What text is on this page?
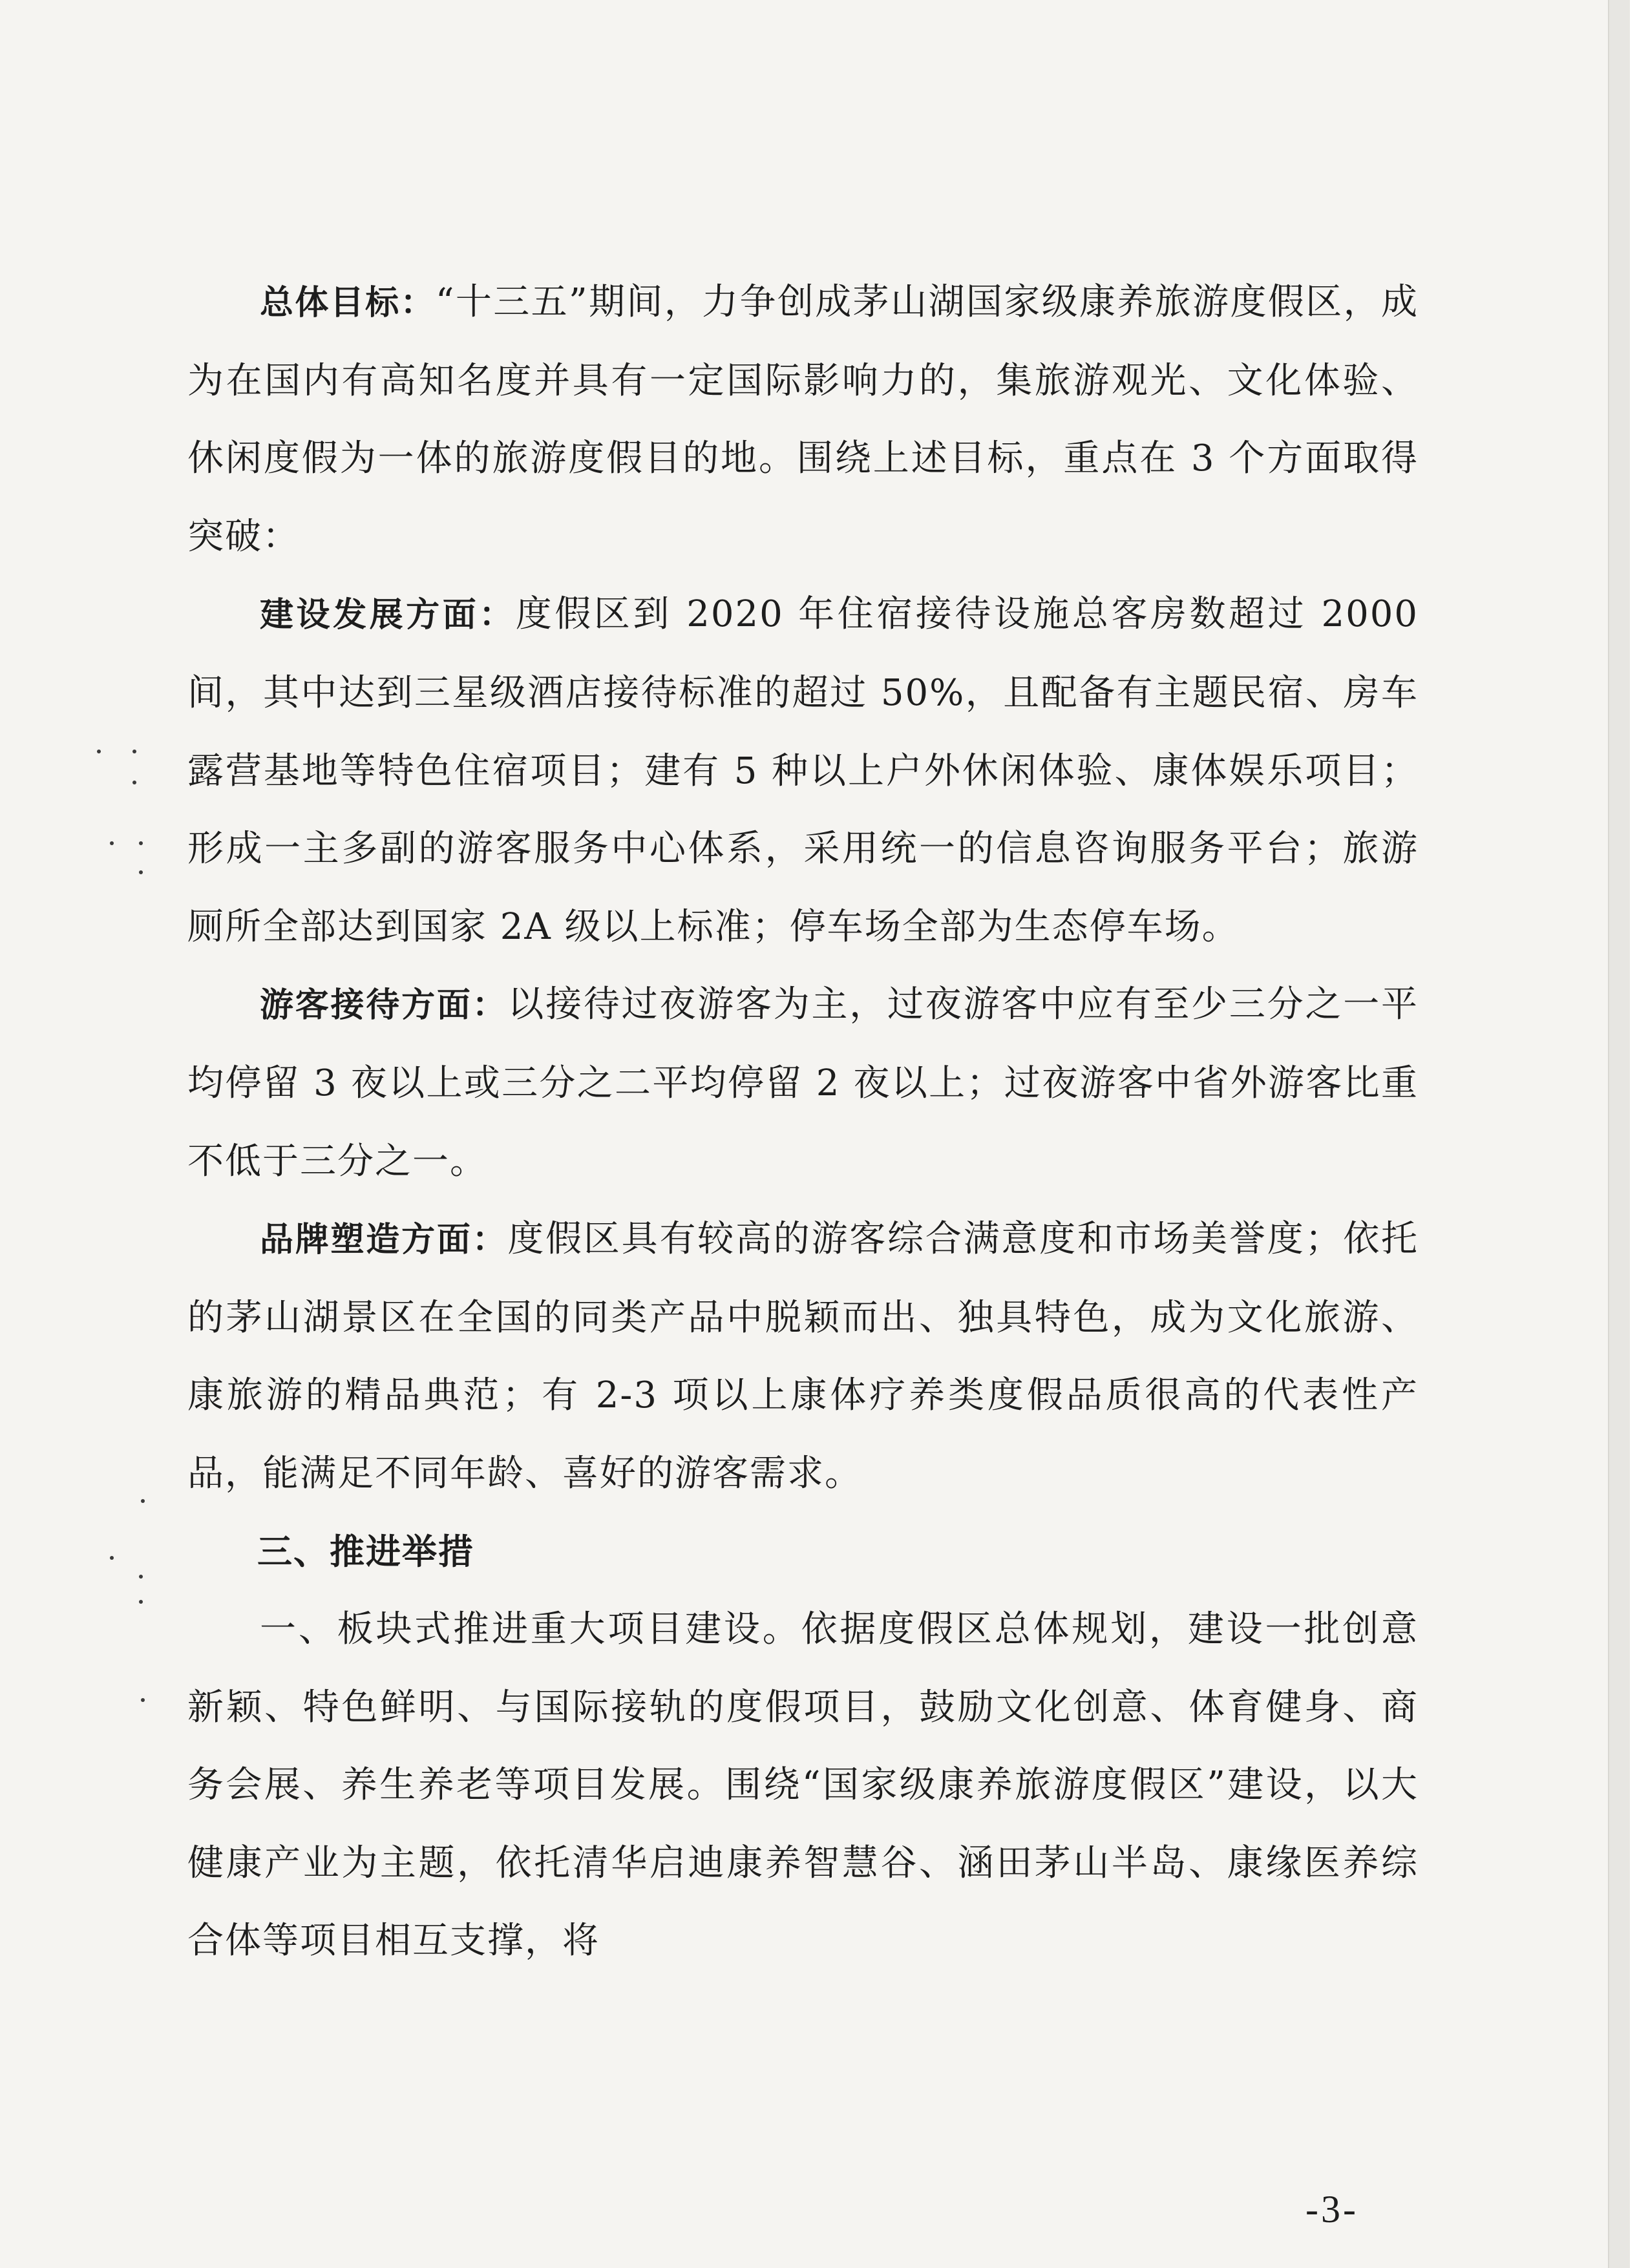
总体目标：“十三五”期间，力争创成茅山湖国家级康养旅游度假区，成为在国内有高知名度并具有一定国际影响力的，集旅游观光、文化体验、休闲度假为一体的旅游度假目的地。围绕上述目标，重点在 3 个方面取得突破：

建设发展方面：度假区到 2020 年住宿接待设施总客房数超过 2000 间，其中达到三星级酒店接待标准的超过 50%，且配备有主题民宿、房车露营基地等特色住宿项目；建有 5 种以上户外休闲体验、康体娱乐项目；形成一主多副的游客服务中心体系，采用统一的信息咨询服务平台；旅游厕所全部达到国家 2A 级以上标准；停车场全部为生态停车场。

游客接待方面：以接待过夜游客为主，过夜游客中应有至少三分之一平均停留 3 夜以上或三分之二平均停留 2 夜以上；过夜游客中省外游客比重不低于三分之一。

品牌塑造方面：度假区具有较高的游客综合满意度和市场美誉度；依托的茅山湖景区在全国的同类产品中脱颖而出、独具特色，成为文化旅游、康旅游的精品典范；有 2-3 项以上康体疗养类度假品质很高的代表性产品，能满足不同年龄、喜好的游客需求。

三、推进举措

一、板块式推进重大项目建设。依据度假区总体规划，建设一批创意新颖、特色鲜明、与国际接轨的度假项目，鼓励文化创意、体育健身、商务会展、养生养老等项目发展。围绕“国家级康养旅游度假区”建设，以大健康产业为主题，依托清华启迪康养智慧谷、涵田茅山半岛、康缘医养综合体等项目相互支撑，将

-3-
